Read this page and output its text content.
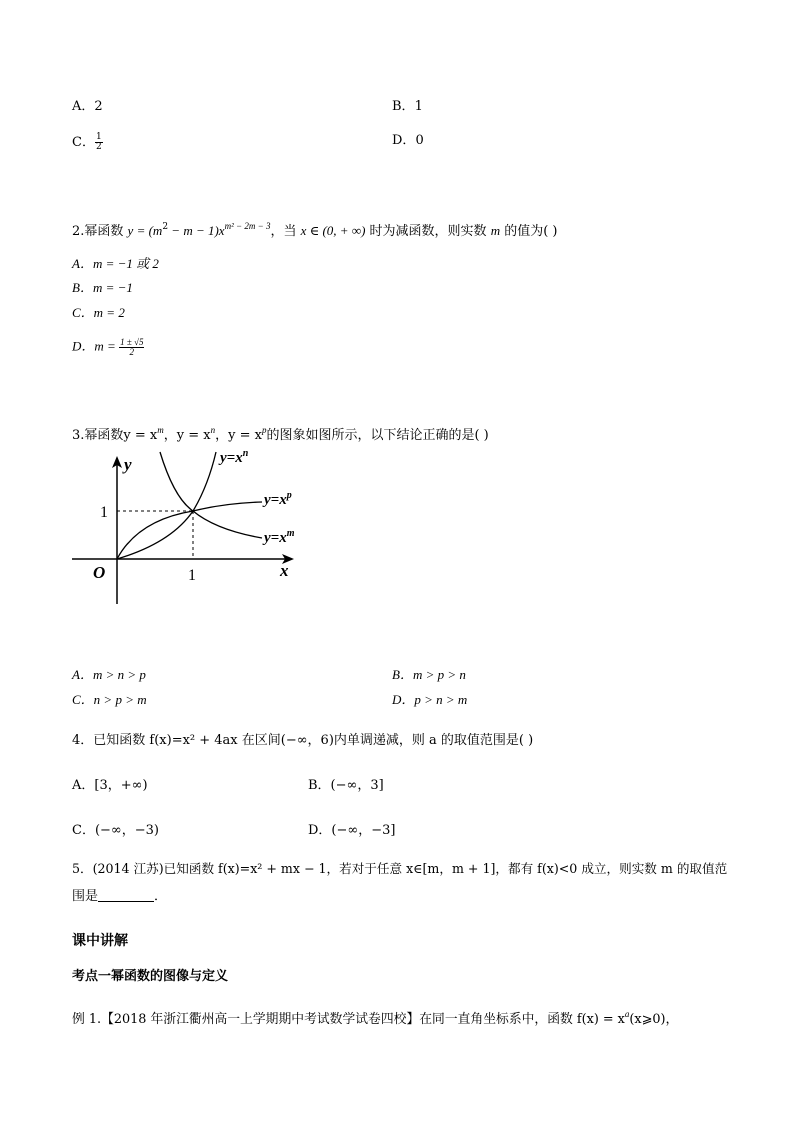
A．2	B．1
C． $\frac{1}{2}$	D．0
2.幂函数 $y = (m^2 - m - 1)x^{m^2 - 2m - 3}$，当 x ∈ (0, + ∞) 时为减函数，则实数 m 的值为( )
A．m = −1 或 2
B．m = −1
C．m = 2
D．$m = \frac{1 \pm √5}{2}$
3.幂函数$y = x^m$，$y = x^n$，$y = x^p$的图象如图所示，以下结论正确的是( )
y
x
O	1
1
$y=x^n$
$y=x^p$
$y=x^m$
A．m > n > p	B．m > p > n
C．n > p > m	D．p > n > m
4．已知函数 f(x)=x² + 4ax 在区间(−∞，6)内单调递减，则 a 的取值范围是( )
A．[3，+∞)	B．(−∞，3]
C．(−∞，−3)	D．(−∞，−3]
5．(2014 江苏)已知函数 f(x)=x² + mx − 1，若对于任意 x∈[m，m + 1]，都有 f(x)<0 成立，则实数 m 的取值范
围是	．
课中讲解
考点一幂函数的图像与定义
例 1.【2018 年浙江衢州高一上学期期中考试数学试卷四校】在同一直角坐标系中，函数 $f(x) = x^a(x⩾0)$，
